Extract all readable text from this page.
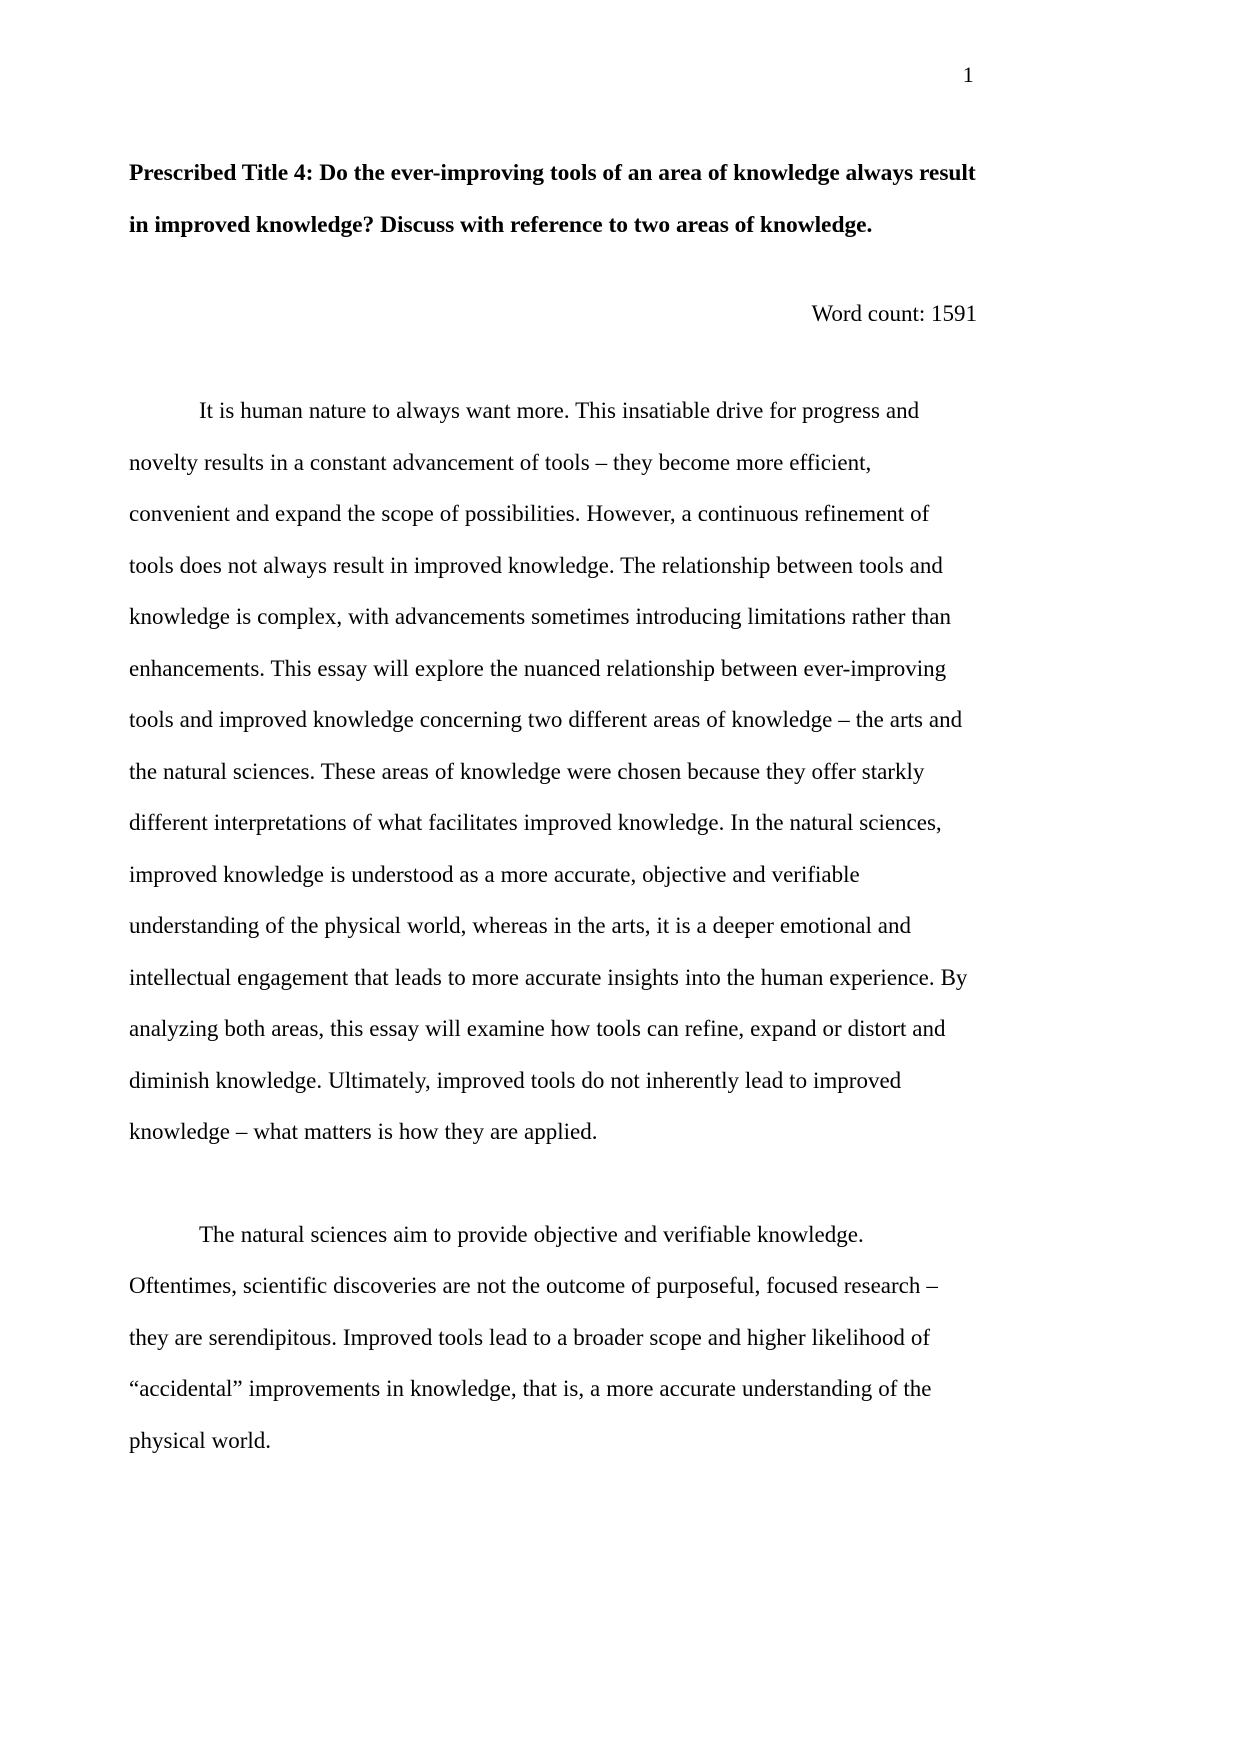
1
Prescribed Title 4: Do the ever-improving tools of an area of knowledge always result in improved knowledge? Discuss with reference to two areas of knowledge.
Word count: 1591

It is human nature to always want more. This insatiable drive for progress and novelty results in a constant advancement of tools – they become more efficient, convenient and expand the scope of possibilities. However, a continuous refinement of tools does not always result in improved knowledge. The relationship between tools and knowledge is complex, with advancements sometimes introducing limitations rather than enhancements. This essay will explore the nuanced relationship between ever-improving tools and improved knowledge concerning two different areas of knowledge – the arts and the natural sciences. These areas of knowledge were chosen because they offer starkly different interpretations of what facilitates improved knowledge. In the natural sciences, improved knowledge is understood as a more accurate, objective and verifiable understanding of the physical world, whereas in the arts, it is a deeper emotional and intellectual engagement that leads to more accurate insights into the human experience. By analyzing both areas, this essay will examine how tools can refine, expand or distort and diminish knowledge. Ultimately, improved tools do not inherently lead to improved knowledge – what matters is how they are applied.

The natural sciences aim to provide objective and verifiable knowledge. Oftentimes, scientific discoveries are not the outcome of purposeful, focused research – they are serendipitous. Improved tools lead to a broader scope and higher likelihood of “accidental” improvements in knowledge, that is, a more accurate understanding of the physical world.
